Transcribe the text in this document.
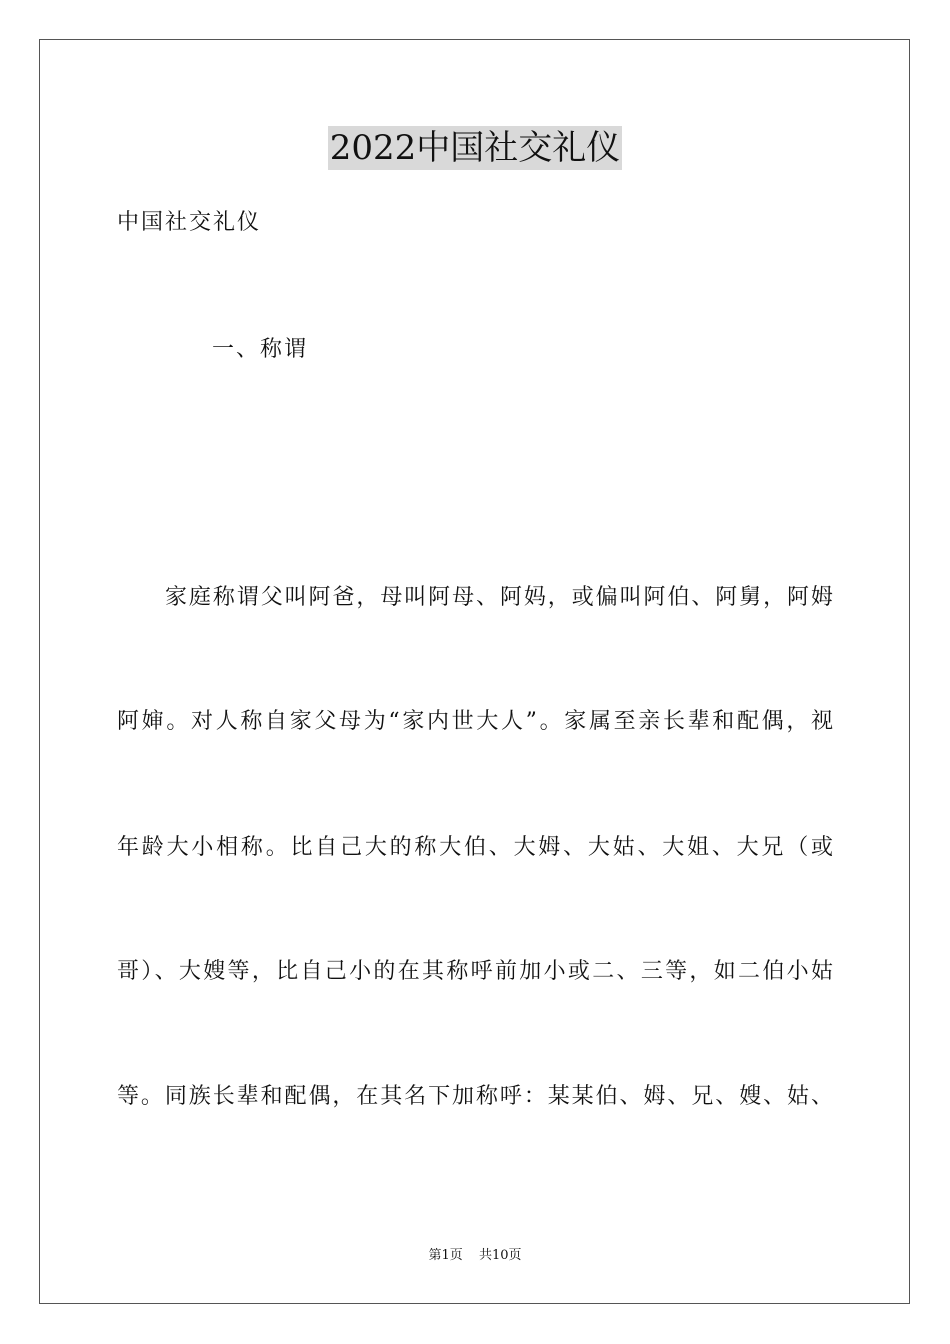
2022中国社交礼仪
中国社交礼仪
一、称谓
家庭称谓父叫阿爸，母叫阿母、阿妈，或偏叫阿伯、阿舅，阿姆
阿婶。对人称自家父母为“家内世大人”。家属至亲长辈和配偶，视
年龄大小相称。比自己大的称大伯、大姆、大姑、大姐、大兄（或
哥）、大嫂等，比自己小的在其称呼前加小或二、三等，如二伯小姑
等。同族长辈和配偶，在其名下加称呼：某某伯、姆、兄、嫂、姑、
第1页 共10页
